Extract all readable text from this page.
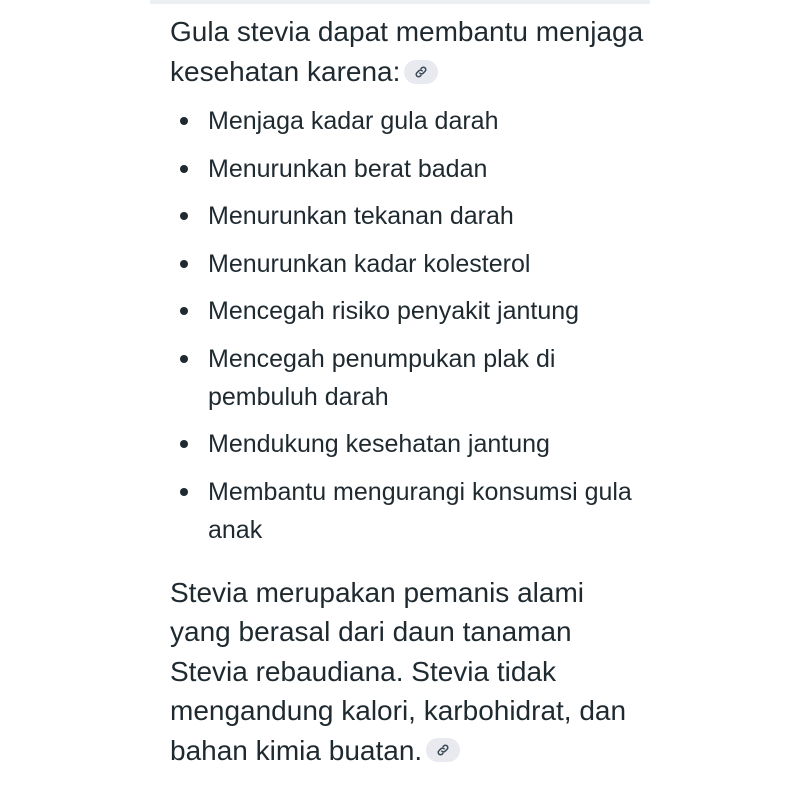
Gula stevia dapat membantu menjaga kesehatan karena:

Menjaga kadar gula darah
Menurunkan berat badan
Menurunkan tekanan darah
Menurunkan kadar kolesterol
Mencegah risiko penyakit jantung
Mencegah penumpukan plak di pembuluh darah
Mendukung kesehatan jantung
Membantu mengurangi konsumsi gula anak

Stevia merupakan pemanis alami yang berasal dari daun tanaman Stevia rebaudiana. Stevia tidak mengandung kalori, karbohidrat, dan bahan kimia buatan.
